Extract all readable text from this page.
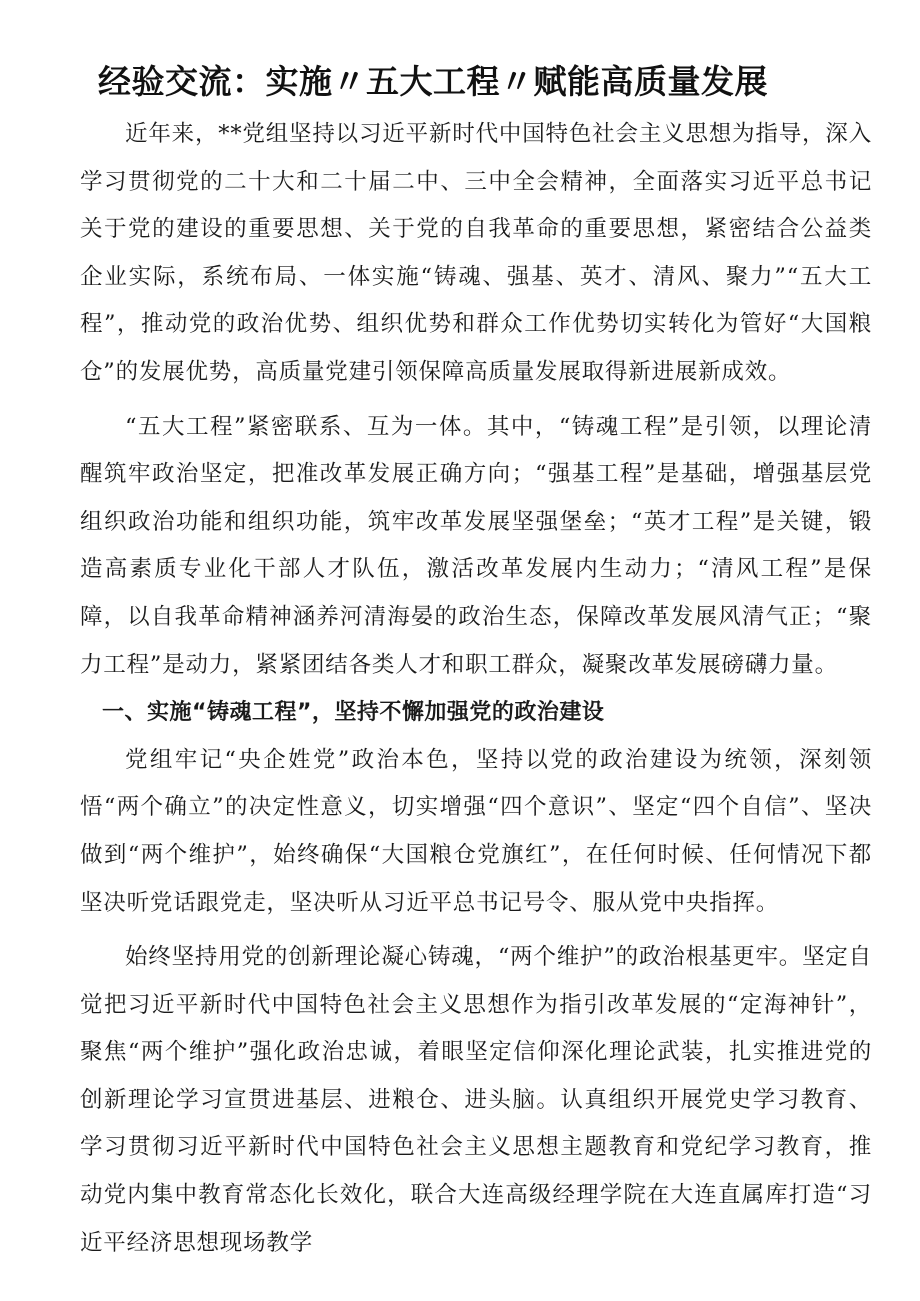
经验交流：实施〃五大工程〃赋能高质量发展

近年来，**党组坚持以习近平新时代中国特色社会主义思想为指导，深入学习贯彻党的二十大和二十届二中、三中全会精神，全面落实习近平总书记关于党的建设的重要思想、关于党的自我革命的重要思想，紧密结合公益类企业实际，系统布局、一体实施“铸魂、强基、英才、清风、聚力”“五大工程”，推动党的政治优势、组织优势和群众工作优势切实转化为管好“大国粮仓”的发展优势，高质量党建引领保障高质量发展取得新进展新成效。

“五大工程”紧密联系、互为一体。其中，“铸魂工程”是引领，以理论清醒筑牢政治坚定，把准改革发展正确方向；“强基工程”是基础，增强基层党组织政治功能和组织功能，筑牢改革发展坚强堡垒；“英才工程”是关键，锻造高素质专业化干部人才队伍，激活改革发展内生动力；“清风工程”是保障，以自我革命精神涵养河清海晏的政治生态，保障改革发展风清气正；“聚力工程”是动力，紧紧团结各类人才和职工群众，凝聚改革发展磅礴力量。

一、实施“铸魂工程”，坚持不懈加强党的政治建设

党组牢记“央企姓党”政治本色，坚持以党的政治建设为统领，深刻领悟“两个确立”的决定性意义，切实增强“四个意识”、坚定“四个自信”、坚决做到“两个维护”，始终确保“大国粮仓党旗红”，在任何时候、任何情况下都坚决听党话跟党走，坚决听从习近平总书记号令、服从党中央指挥。

始终坚持用党的创新理论凝心铸魂，“两个维护”的政治根基更牢。坚定自觉把习近平新时代中国特色社会主义思想作为指引改革发展的“定海神针”，聚焦“两个维护”强化政治忠诚，着眼坚定信仰深化理论武装，扎实推进党的创新理论学习宣贯进基层、进粮仓、进头脑。认真组织开展党史学习教育、学习贯彻习近平新时代中国特色社会主义思想主题教育和党纪学习教育，推动党内集中教育常态化长效化，联合大连高级经理学院在大连直属库打造“习近平经济思想现场教学
